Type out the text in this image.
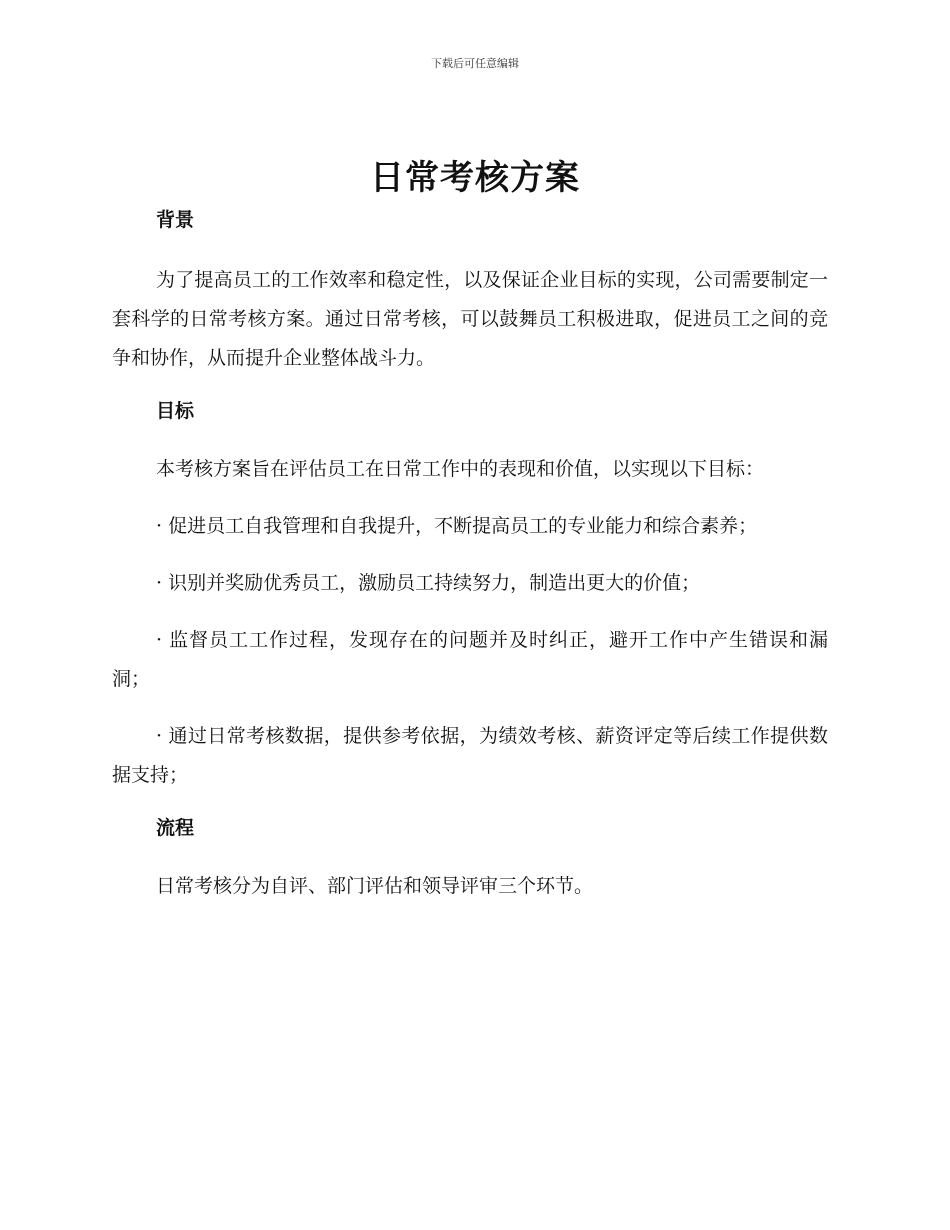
下载后可任意编辑
日常考核方案

背景

为了提高员工的工作效率和稳定性，以及保证企业目标的实现，公司需要制定一套科学的日常考核方案。通过日常考核，可以鼓舞员工积极进取，促进员工之间的竞争和协作，从而提升企业整体战斗力。

目标

本考核方案旨在评估员工在日常工作中的表现和价值，以实现以下目标：

· 促进员工自我管理和自我提升，不断提高员工的专业能力和综合素养；

· 识别并奖励优秀员工，激励员工持续努力，制造出更大的价值；

· 监督员工工作过程，发现存在的问题并及时纠正，避开工作中产生错误和漏洞；

· 通过日常考核数据，提供参考依据，为绩效考核、薪资评定等后续工作提供数据支持；

流程

日常考核分为自评、部门评估和领导评审三个环节。
